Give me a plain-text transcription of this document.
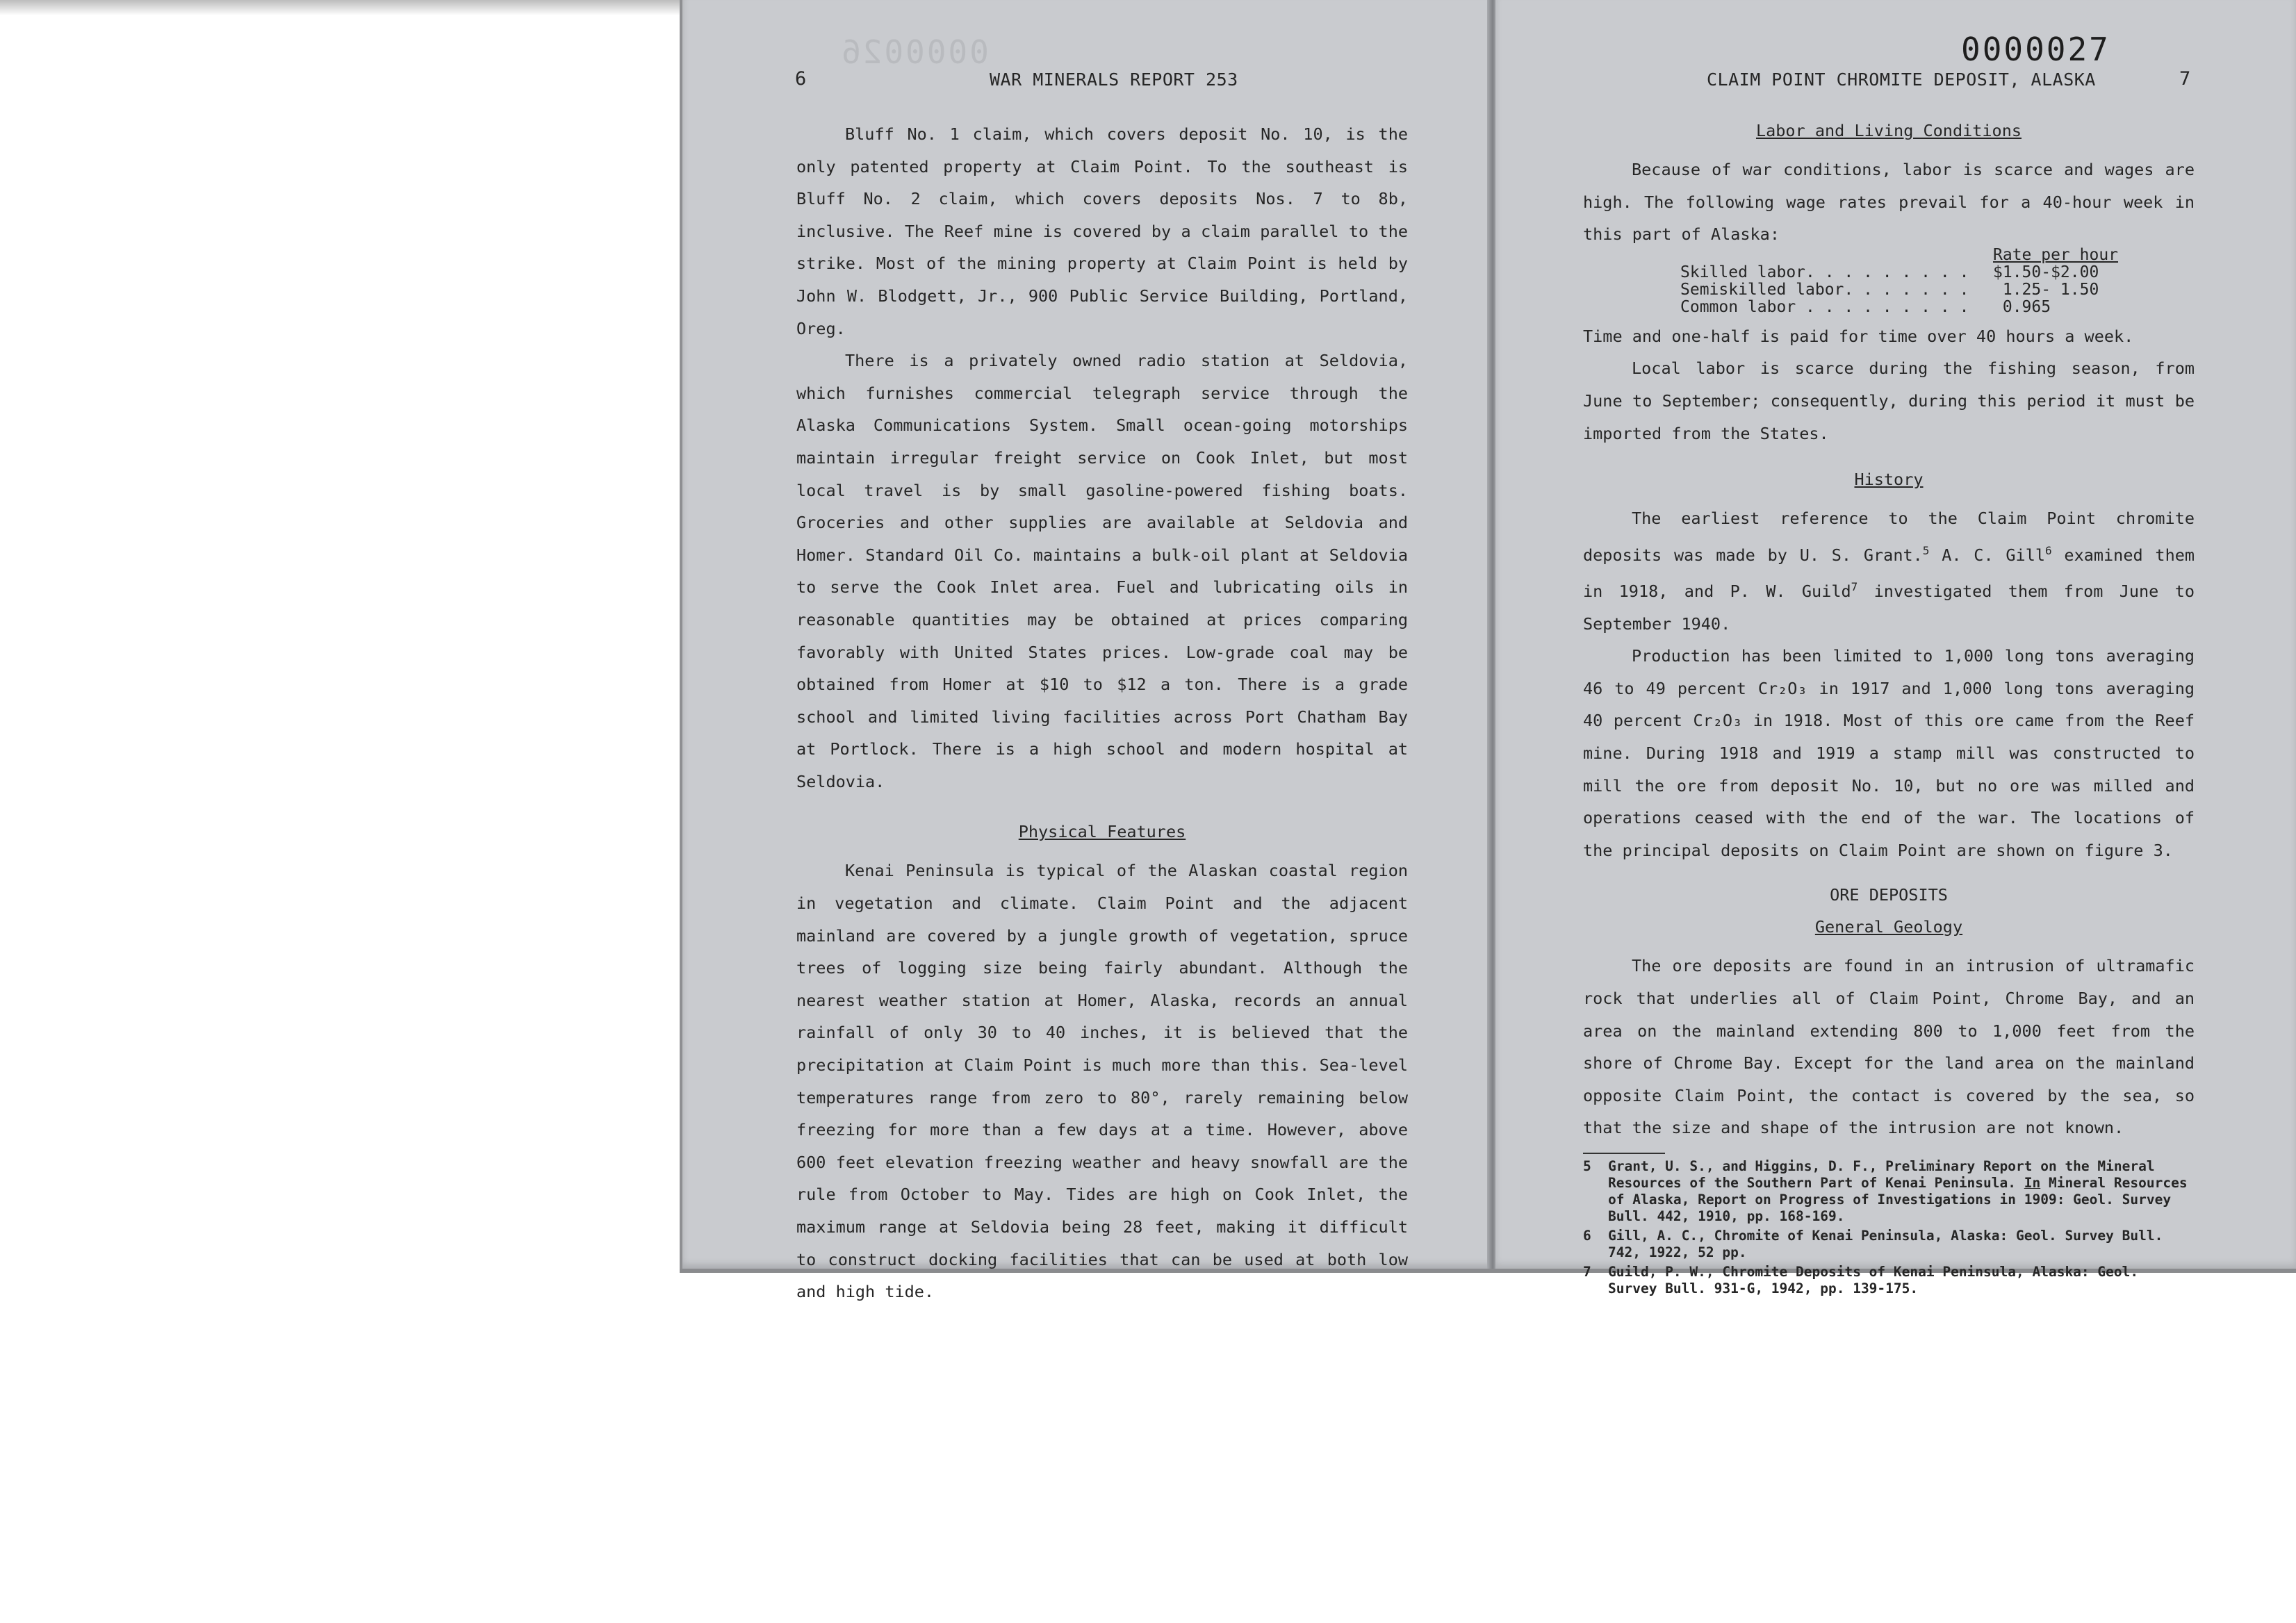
6	WAR MINERALS REPORT 253
0000026

Bluff No. 1 claim, which covers deposit No. 10, is the only patented property at Claim Point. To the southeast is Bluff No. 2 claim, which covers deposits Nos. 7 to 8b, inclusive. The Reef mine is covered by a claim parallel to the strike. Most of the mining property at Claim Point is held by John W. Blodgett, Jr., 900 Public Service Building, Portland, Oreg.

There is a privately owned radio station at Seldovia, which furnishes commercial telegraph service through the Alaska Communications System. Small ocean-going motorships maintain irregular freight service on Cook Inlet, but most local travel is by small gasoline-powered fishing boats. Groceries and other supplies are available at Seldovia and Homer. Standard Oil Co. maintains a bulk-oil plant at Seldovia to serve the Cook Inlet area. Fuel and lubricating oils in reasonable quantities may be obtained at prices comparing favorably with United States prices. Low-grade coal may be obtained from Homer at $10 to $12 a ton. There is a grade school and limited living facilities across Port Chatham Bay at Portlock. There is a high school and modern hospital at Seldovia.

Physical Features

Kenai Peninsula is typical of the Alaskan coastal region in vegetation and climate. Claim Point and the adjacent mainland are covered by a jungle growth of vegetation, spruce trees of logging size being fairly abundant. Although the nearest weather station at Homer, Alaska, records an annual rainfall of only 30 to 40 inches, it is believed that the precipitation at Claim Point is much more than this. Sea-level temperatures range from zero to 80°, rarely remaining below freezing for more than a few days at a time. However, above 600 feet elevation freezing weather and heavy snowfall are the rule from October to May. Tides are high on Cook Inlet, the maximum range at Seldovia being 28 feet, making it difficult to construct docking facilities that can be used at both low and high tide.

0000027
CLAIM POINT CHROMITE DEPOSIT, ALASKA	7
Labor and Living Conditions

Because of war conditions, labor is scarce and wages are high. The following wage rates prevail for a 40-hour week in this part of Alaska:

Rate per hour
Skilled labor. . . . . . . . .	$1.50-$2.00
Semiskilled labor. . . . . . .	1.25- 1.50
Common labor . . . . . . . . .	0.965

Time and one-half is paid for time over 40 hours a week.

Local labor is scarce during the fishing season, from June to September; consequently, during this period it must be imported from the States.

History

The earliest reference to the Claim Point chromite deposits was made by U. S. Grant.$^5$ A. C. Gill$^6$ examined them in 1918, and P. W. Guild$^7$ investigated them from June to September 1940.

Production has been limited to 1,000 long tons averaging 46 to 49 percent Cr₂O₃ in 1917 and 1,000 long tons averaging 40 percent Cr₂O₃ in 1918. Most of this ore came from the Reef mine. During 1918 and 1919 a stamp mill was constructed to mill the ore from deposit No. 10, but no ore was milled and operations ceased with the end of the war. The locations of the principal deposits on Claim Point are shown on figure 3.

ORE DEPOSITS
General Geology

The ore deposits are found in an intrusion of ultramafic rock that underlies all of Claim Point, Chrome Bay, and an area on the mainland extending 800 to 1,000 feet from the shore of Chrome Bay. Except for the land area on the mainland opposite Claim Point, the contact is covered by the sea, so that the size and shape of the intrusion are not known.

5	Grant, U. S., and Higgins, D. F., Preliminary Report on the Mineral Resources of the Southern Part of Kenai Peninsula. In Mineral Resources of Alaska, Report on Progress of Investigations in 1909: Geol. Survey Bull. 442, 1910, pp. 168-169.
6	Gill, A. C., Chromite of Kenai Peninsula, Alaska: Geol. Survey Bull. 742, 1922, 52 pp.
7	Guild, P. W., Chromite Deposits of Kenai Peninsula, Alaska: Geol. Survey Bull. 931-G, 1942, pp. 139-175.
